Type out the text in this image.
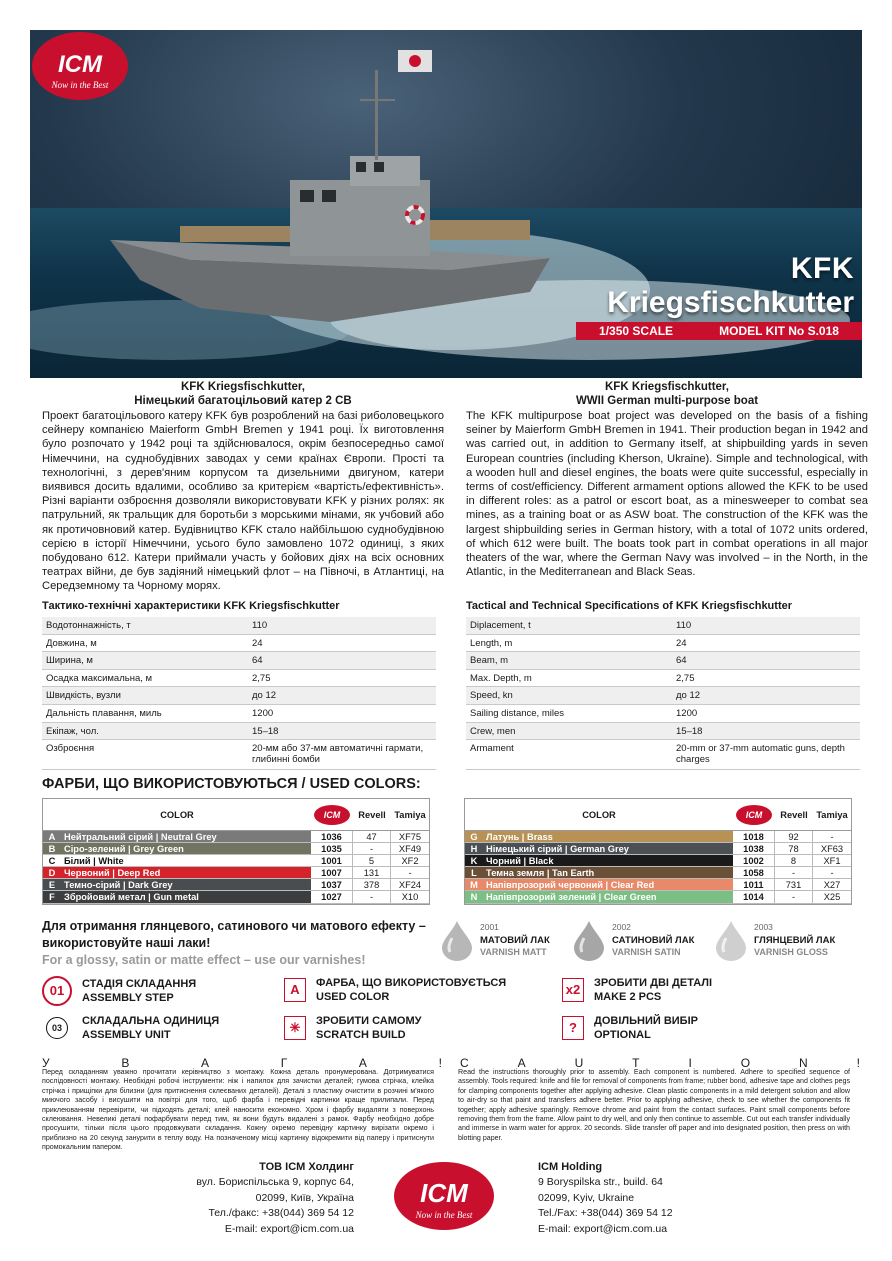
ICM
Now in the Best
KFK
Kriegsfischkutter
1/350 SCALE	MODEL KIT No S.018
KFK Kriegsfischkutter,
Німецький багатоцільовий катер 2 СВ

Проект багатоцільового катеру KFK був розроблений на базі риболовецького сейнеру компанією Maierform GmbH Bremen у 1941 році. Їх виготовлення було розпочато у 1942 році та здійснювалося, окрім безпосередньо самої Німеччини, на суднобудівних заводах у семи країнах Європи. Прості та технологічні, з дерев'яним корпусом та дизельними двигуном, катери виявився досить вдалими, особливо за критерієм «вартість/ефективність». Різні варіанти озброєння дозволяли використовувати KFK у різних ролях: як патрульний, як тральщик для боротьби з морськими мінами, як учбовий або як протичовновий катер. Будівництво KFK стало найбільшою суднобудівною серією в історії Німеччини, усього було замовлено 1072 одиниці, з яких побудовано 612. Катери приймали участь у бойових діях на всіх основних театрах війни, де був задіяний німецький флот – на Півночі, в Атлантиці, на Середземному та Чорному морях.

KFK Kriegsfischkutter,
WWII German multi-purpose boat

The KFK multipurpose boat project was developed on the basis of a fishing seiner by Maierform GmbH Bremen in 1941. Their production began in 1942 and was carried out, in addition to Germany itself, at shipbuilding yards in seven European countries (including Kherson, Ukraine). Simple and technological, with a wooden hull and diesel engines, the boats were quite successful, especially in terms of cost/efficiency. Different armament options allowed the KFK to be used in different roles: as a patrol or escort boat, as a minesweeper to combat sea mines, as a training boat or as ASW boat. The construction of the KFK was the largest shipbuilding series in German history, with a total of 1072 units ordered, of which 612 were built. The boats took part in combat operations in all major theaters of the war, where the German Navy was involved – in the North, in the Atlantic, in the Mediterranean and Black Seas.

Тактико-технічні характеристики KFK Kriegsfischkutter	Tactical and Technical Specifications of KFK Kriegsfischkutter
Водотоннажність, т	110
Довжина, м	24
Ширина, м	64
Осадка максимальна, м	2,75
Швидкість, вузли	до 12
Дальність плавання, миль	1200
Екіпаж, чол.	15–18
Озброєння	20-мм або 37-мм автоматичні гармати, глибинні бомби
Diplacement, t	110
Length, m	24
Beam, m	64
Max. Depth, m	2,75
Speed, kn	до 12
Sailing distance, miles	1200
Crew, men	15–18
Armament	20-mm or 37-mm automatic guns, depth charges
ФАРБИ, ЩО ВИКОРИСТОВУЮТЬСЯ / USED COLORS:
COLOR	ICM	Revell Tamiya
A Нейтральний сірий | Neutral Grey	1036	47	XF75
B Сіро-зелений | Grey Green	1035	-	XF49
C Білий | White	1001	5	XF2
D Червоний | Deep Red	1007	131	-
E Темно-сірий | Dark Grey	1037	378	XF24
F Збройовий метал | Gun metal	1027	-	X10
COLOR	ICM	Revell Tamiya
G Латунь | Brass	1018	92	-
H Німецький сірий | German Grey	1038	78	XF63
K Чорний | Black	1002	8	XF1
L Темна земля | Tan Earth	1058	-	-
M Напівпрозорий червоний | Clear Red	1011	731	X27
N Напівпрозорий зелений | Clear Green	1014	-	X25
Для отримання глянцевого, сатинового чи матового ефекту –
використовуйте наші лаки!
For a glossy, satin or matte effect – use our varnishes!
2001
МАТОВИЙ ЛАК
VARNISH MATT
2002
САТИНОВИЙ ЛАК
VARNISH SATIN
2003
ГЛЯНЦЕВИЙ ЛАК
VARNISH GLOSS
01	СТАДІЯ СКЛАДАННЯ
ASSEMBLY STEP
03
СКЛАДАЛЬНА ОДИНИЦЯ
ASSEMBLY UNIT
A	ФАРБА, ЩО ВИКОРИСТОВУЄТЬСЯ
USED COLOR
✳	ЗРОБИТИ САМОМУ
SCRATCH BUILD
x2	ЗРОБИТИ ДВІ ДЕТАЛІ
MAKE 2 PCS
?	ДОВІЛЬНИЙ ВИБІР
OPTIONAL
У	В	А	Г	А	! C	A	U	T	I	O	N	!
Перед складанням уважно прочитати керівництво з монтажу. Кожна деталь пронумерована. Дотримуватися послідовності монтажу. Необхідні робочі інструменти: ніж і напилок для зачистки деталей; гумова стрічка, клейка стрічка і прищіпки для білизни (для притиснення склеєваних деталей). Деталі з пластику очистити в розчині м'якого миючого засобу і висушити на повітрі для того, щоб фарба і перевідні картинки краще прилипали. Перед приклеюванням перевірити, чи підходять деталі; клей наносити економно. Хром і фарбу видаляти з поверхонь склеювання. Невеликі деталі пофарбувати перед тим, як вони будуть видалені з рамок. Фарбу необхідно добре просушити, тільки після цього продовжувати складання. Кожну окремо перевідну картинку вирізати окремо і приблизно на 20 секунд занурити в теплу воду. На позначеному місці картинку відокремити від паперу і притиснути промокальним папером.
Read the instructions thoroughly prior to assembly. Each component is numbered. Adhere to specified sequence of assembly. Tools required: knife and file for removal of components from frame; rubber bond, adhesive tape and clothes pegs for clamping components together after applying adhesive. Clean plastic components in a mild detergent solution and allow to air-dry so that paint and transfers adhere better. Prior to applying adhesive, check to see whether the components fit together; apply adhesive sparingly. Remove chrome and paint from the contact surfaces. Paint small components before removing them from the frame. Allow paint to dry well, and only then continue to assemble. Cut out each transfer individually and immerse in warm water for approx. 20 seconds. Slide transfer off paper and into designated position, then press on with blotting paper.
ТОВ ICM Холдинг
вул. Бориспільська 9, корпус 64,
02099, Київ, Україна
Тел./факс: +38(044) 369 54 12
E-mail: export@icm.com.ua
ICM
Now in the Best
ICM Holding
9 Boryspilska str., build. 64
02099, Kyiv, Ukraine
Tel./Fax: +38(044) 369 54 12
E-mail: export@icm.com.ua
